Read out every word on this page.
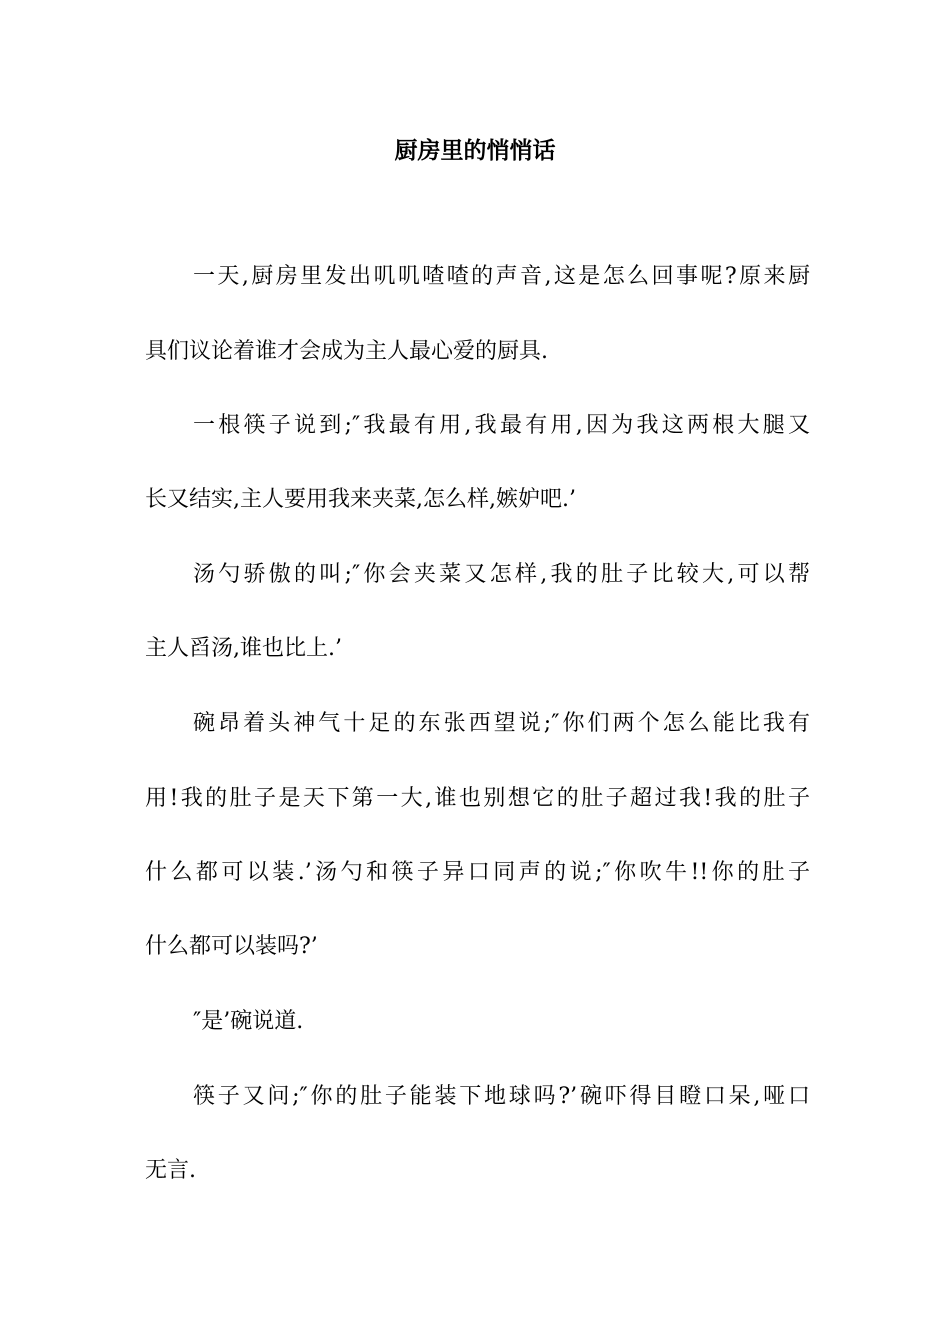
厨房里的悄悄话

一天,厨房里发出叽叽喳喳的声音,这是怎么回事呢?原来厨

具们议论着谁才会成为主人最心爱的厨具.

一根筷子说到;″我最有用,我最有用,因为我这两根大腿又

长又结实,主人要用我来夹菜,怎么样,嫉妒吧.’

汤勺骄傲的叫;″你会夹菜又怎样,我的肚子比较大,可以帮

主人舀汤,谁也比上.’

碗昂着头神气十足的东张西望说;″你们两个怎么能比我有

用!我的肚子是天下第一大,谁也别想它的肚子超过我!我的肚子

什么都可以装.’汤勺和筷子异口同声的说;″你吹牛!!你的肚子

什么都可以装吗?’

″是’碗说道.

筷子又问;″你的肚子能装下地球吗?’碗吓得目瞪口呆,哑口

无言.
